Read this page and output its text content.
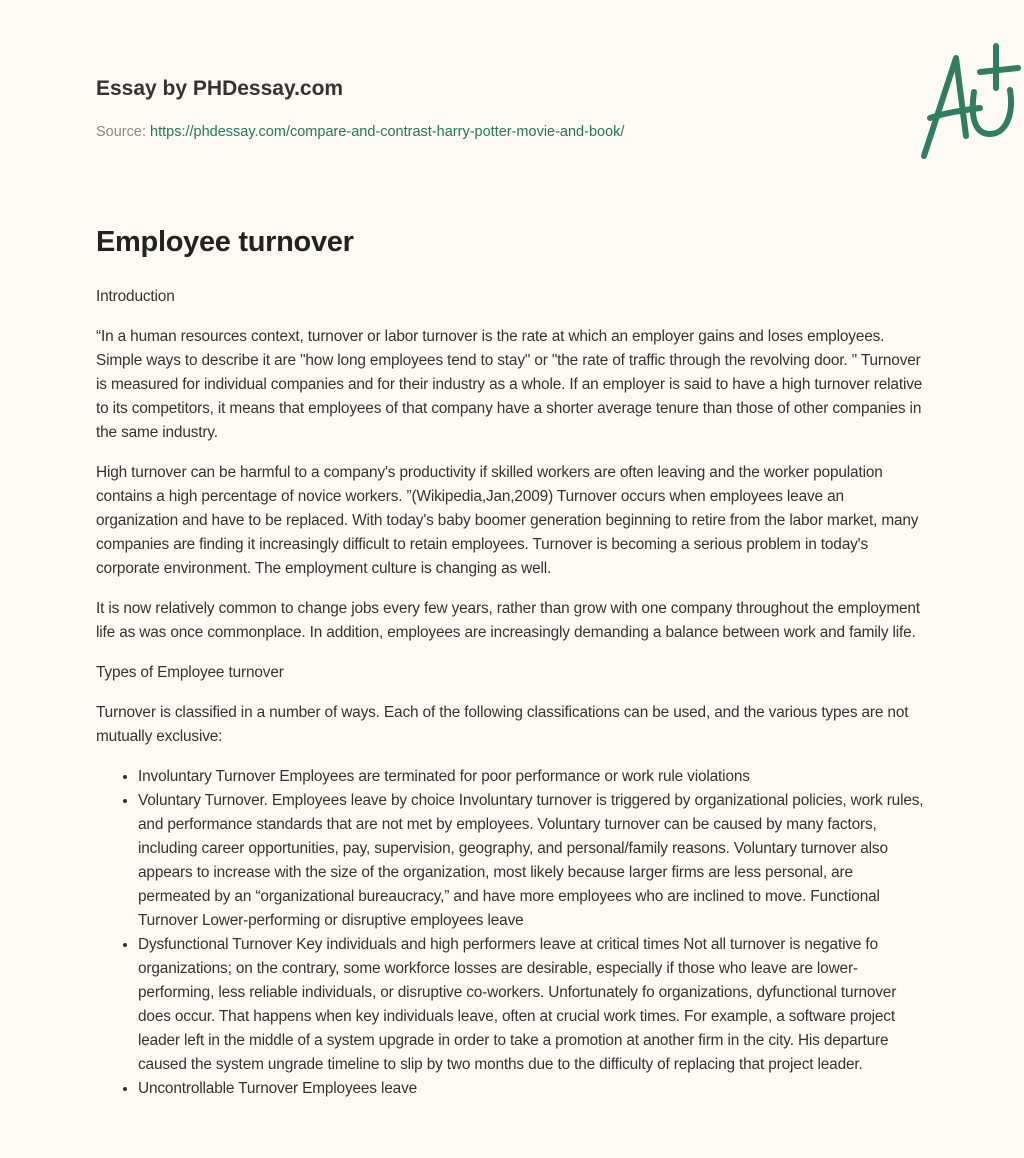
Essay by PHDessay.com
Source: https://phdessay.com/compare-and-contrast-harry-potter-movie-and-book/
Employee turnover

Introduction

“In a human resources context, turnover or labor turnover is the rate at which an employer gains and loses employees. Simple ways to describe it are "how long employees tend to stay" or "the rate of traffic through the revolving door. " Turnover is measured for individual companies and for their industry as a whole. If an employer is said to have a high turnover relative to its competitors, it means that employees of that company have a shorter average tenure than those of other companies in the same industry.

High turnover can be harmful to a company's productivity if skilled workers are often leaving and the worker population contains a high percentage of novice workers. ”(Wikipedia,Jan,2009) Turnover occurs when employees leave an organization and have to be replaced. With today's baby boomer generation beginning to retire from the labor market, many companies are finding it increasingly difficult to retain employees. Turnover is becoming a serious problem in today's corporate environment. The employment culture is changing as well.

It is now relatively common to change jobs every few years, rather than grow with one company throughout the employment life as was once commonplace. In addition, employees are increasingly demanding a balance between work and family life.

Types of Employee turnover

Turnover is classified in a number of ways. Each of the following classifications can be used, and the various types are not mutually exclusive:

• Involuntary Turnover Employees are terminated for poor performance or work rule violations
• Voluntary Turnover. Employees leave by choice Involuntary turnover is triggered by organizational policies, work rules, and performance standards that are not met by employees. Voluntary turnover can be caused by many factors, including career opportunities, pay, supervision, geography, and personal/family reasons. Voluntary turnover also appears to increase with the size of the organization, most likely because larger firms are less personal, are permeated by an “organizational bureaucracy,” and have more employees who are inclined to move. Functional Turnover Lower-performing or disruptive employees leave
• Dysfunctional Turnover Key individuals and high performers leave at critical times Not all turnover is negative fo organizations; on the contrary, some workforce losses are desirable, especially if those who leave are lower-performing, less reliable individuals, or disruptive co-workers. Unfortunately fo organizations, dyfunctional turnover does occur. That happens when key individuals leave, often at crucial work times. For example, a software project leader left in the middle of a system upgrade in order to take a promotion at another firm in the city. His departure caused the system ungrade timeline to slip by two months due to the difficulty of replacing that project leader.
• Uncontrollable Turnover Employees leave
